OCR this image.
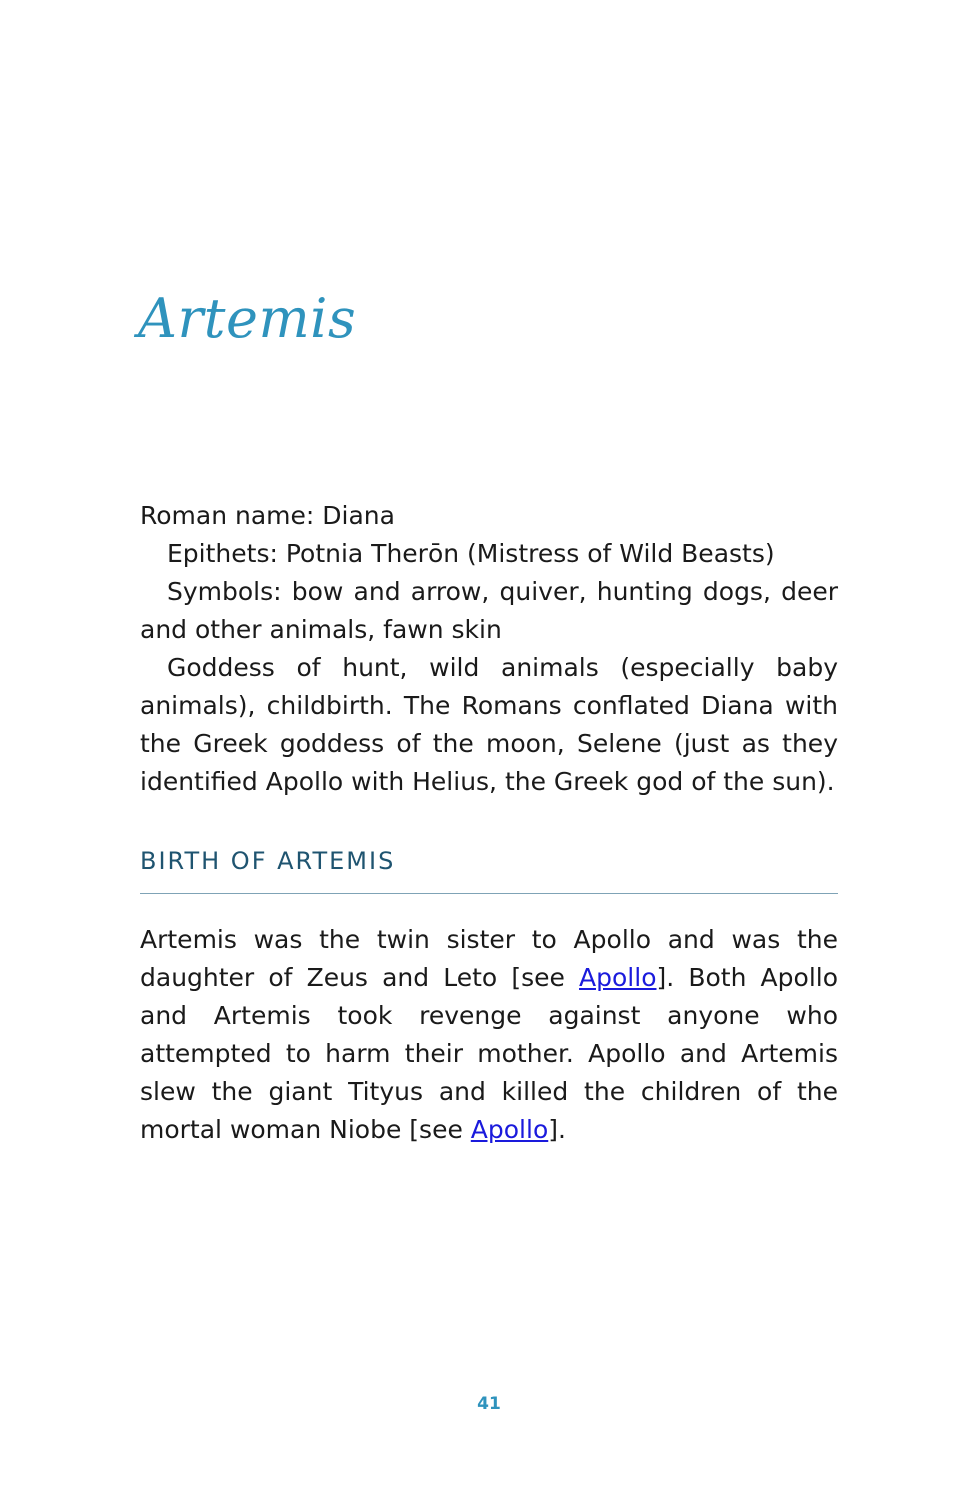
Artemis

Roman name: Diana

Epithets: Potnia Therōn (Mistress of Wild Beasts)

Symbols: bow and arrow, quiver, hunting dogs, deer and other animals, fawn skin

Goddess of hunt, wild animals (especially baby animals), childbirth. The Romans conflated Diana with the Greek goddess of the moon, Selene (just as they identified Apollo with Helius, the Greek god of the sun).

BIRTH OF ARTEMIS

Artemis was the twin sister to Apollo and was the daughter of Zeus and Leto [see Apollo]. Both Apollo and Artemis took revenge against anyone who attempted to harm their mother. Apollo and Artemis slew the giant Tityus and killed the children of the mortal woman Niobe [see Apollo].

41
